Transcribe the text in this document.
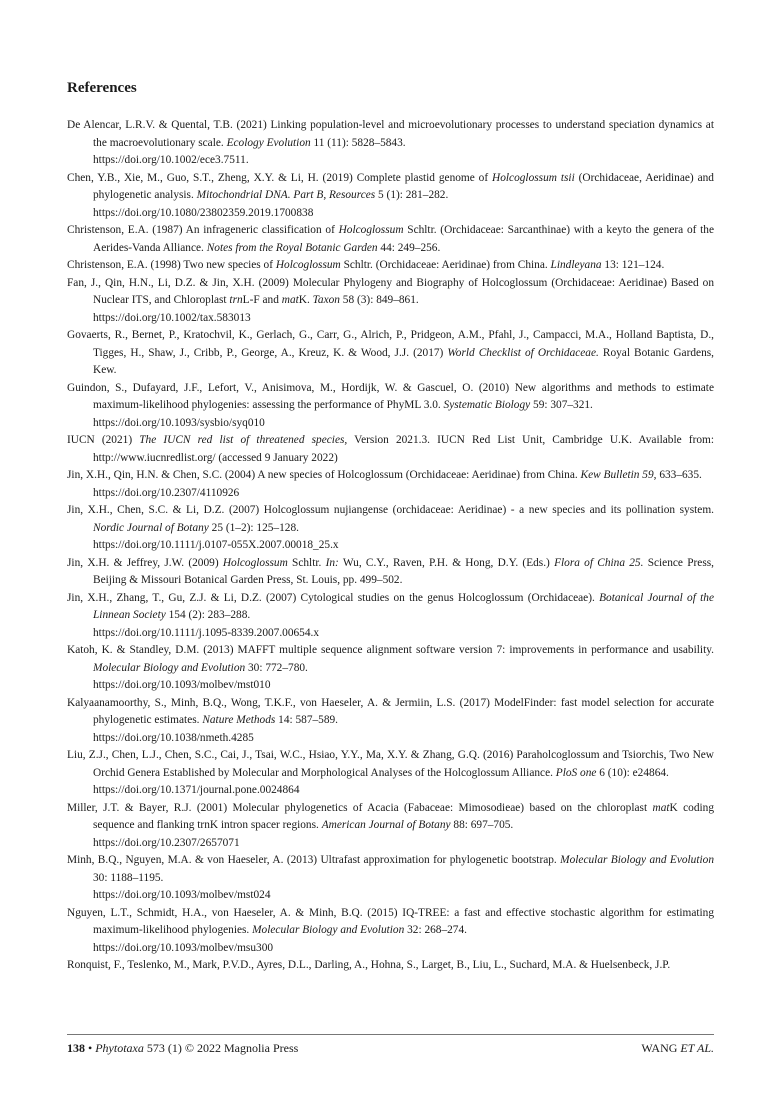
References
De Alencar, L.R.V. & Quental, T.B. (2021) Linking population-level and microevolutionary processes to understand speciation dynamics at the macroevolutionary scale. Ecology Evolution 11 (11): 5828–5843.
https://doi.org/10.1002/ece3.7511.
Chen, Y.B., Xie, M., Guo, S.T., Zheng, X.Y. & Li, H. (2019) Complete plastid genome of Holcoglossum tsii (Orchidaceae, Aeridinae) and phylogenetic analysis. Mitochondrial DNA. Part B, Resources 5 (1): 281–282.
https://doi.org/10.1080/23802359.2019.1700838
Christenson, E.A. (1987) An infrageneric classification of Holcoglossum Schltr. (Orchidaceae: Sarcanthinae) with a keyto the genera of the Aerides-Vanda Alliance. Notes from the Royal Botanic Garden 44: 249–256.
Christenson, E.A. (1998) Two new species of Holcoglossum Schltr. (Orchidaceae: Aeridinae) from China. Lindleyana 13: 121–124.
Fan, J., Qin, H.N., Li, D.Z. & Jin, X.H. (2009) Molecular Phylogeny and Biography of Holcoglossum (Orchidaceae: Aeridinae) Based on Nuclear ITS, and Chloroplast trnL-F and matK. Taxon 58 (3): 849–861.
https://doi.org/10.1002/tax.583013
Govaerts, R., Bernet, P., Kratochvil, K., Gerlach, G., Carr, G., Alrich, P., Pridgeon, A.M., Pfahl, J., Campacci, M.A., Holland Baptista, D., Tigges, H., Shaw, J., Cribb, P., George, A., Kreuz, K. & Wood, J.J. (2017) World Checklist of Orchidaceae. Royal Botanic Gardens, Kew.
Guindon, S., Dufayard, J.F., Lefort, V., Anisimova, M., Hordijk, W. & Gascuel, O. (2010) New algorithms and methods to estimate maximum-likelihood phylogenies: assessing the performance of PhyML 3.0. Systematic Biology 59: 307–321.
https://doi.org/10.1093/sysbio/syq010
IUCN (2021) The IUCN red list of threatened species, Version 2021.3. IUCN Red List Unit, Cambridge U.K. Available from: http://www.iucnredlist.org/ (accessed 9 January 2022)
Jin, X.H., Qin, H.N. & Chen, S.C. (2004) A new species of Holcoglossum (Orchidaceae: Aeridinae) from China. Kew Bulletin 59, 633–635.
https://doi.org/10.2307/4110926
Jin, X.H., Chen, S.C. & Li, D.Z. (2007) Holcoglossum nujiangense (orchidaceae: Aeridinae) - a new species and its pollination system. Nordic Journal of Botany 25 (1–2): 125–128.
https://doi.org/10.1111/j.0107-055X.2007.00018_25.x
Jin, X.H. & Jeffrey, J.W. (2009) Holcoglossum Schltr. In: Wu, C.Y., Raven, P.H. & Hong, D.Y. (Eds.) Flora of China 25. Science Press, Beijing & Missouri Botanical Garden Press, St. Louis, pp. 499–502.
Jin, X.H., Zhang, T., Gu, Z.J. & Li, D.Z. (2007) Cytological studies on the genus Holcoglossum (Orchidaceae). Botanical Journal of the Linnean Society 154 (2): 283–288.
https://doi.org/10.1111/j.1095-8339.2007.00654.x
Katoh, K. & Standley, D.M. (2013) MAFFT multiple sequence alignment software version 7: improvements in performance and usability. Molecular Biology and Evolution 30: 772–780.
https://doi.org/10.1093/molbev/mst010
Kalyaanamoorthy, S., Minh, B.Q., Wong, T.K.F., von Haeseler, A. & Jermiin, L.S. (2017) ModelFinder: fast model selection for accurate phylogenetic estimates. Nature Methods 14: 587–589.
https://doi.org/10.1038/nmeth.4285
Liu, Z.J., Chen, L.J., Chen, S.C., Cai, J., Tsai, W.C., Hsiao, Y.Y., Ma, X.Y. & Zhang, G.Q. (2016) Paraholcoglossum and Tsiorchis, Two New Orchid Genera Established by Molecular and Morphological Analyses of the Holcoglossum Alliance. PloS one 6 (10): e24864.
https://doi.org/10.1371/journal.pone.0024864
Miller, J.T. & Bayer, R.J. (2001) Molecular phylogenetics of Acacia (Fabaceae: Mimosodieae) based on the chloroplast matK coding sequence and flanking trnK intron spacer regions. American Journal of Botany 88: 697–705.
https://doi.org/10.2307/2657071
Minh, B.Q., Nguyen, M.A. & von Haeseler, A. (2013) Ultrafast approximation for phylogenetic bootstrap. Molecular Biology and Evolution 30: 1188–1195.
https://doi.org/10.1093/molbev/mst024
Nguyen, L.T., Schmidt, H.A., von Haeseler, A. & Minh, B.Q. (2015) IQ-TREE: a fast and effective stochastic algorithm for estimating maximum-likelihood phylogenies. Molecular Biology and Evolution 32: 268–274.
https://doi.org/10.1093/molbev/msu300
Ronquist, F., Teslenko, M., Mark, P.V.D., Ayres, D.L., Darling, A., Hohna, S., Larget, B., Liu, L., Suchard, M.A. & Huelsenbeck, J.P.
138 • Phytotaxa 573 (1) © 2022 Magnolia Press	WANG ET AL.
